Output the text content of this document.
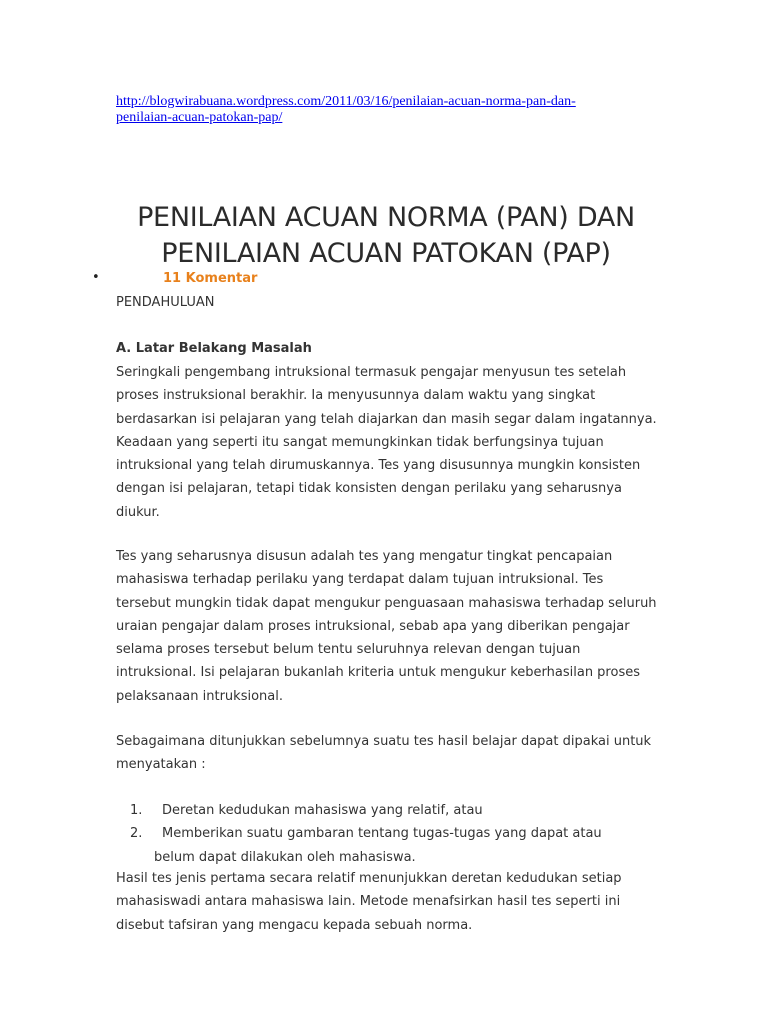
http://blogwirabuana.wordpress.com/2011/03/16/penilaian-acuan-norma-pan-dan-
penilaian-acuan-patokan-pap/
PENILAIAN ACUAN NORMA (PAN) DAN
PENILAIAN ACUAN PATOKAN (PAP)
•	11 Komentar
PENDAHULUAN
A. Latar Belakang Masalah

Seringkali pengembang intruksional termasuk pengajar menyusun tes setelah proses instruksional berakhir. Ia menyusunnya dalam waktu yang singkat berdasarkan isi pelajaran yang telah diajarkan dan masih segar dalam ingatannya. Keadaan yang seperti itu sangat memungkinkan tidak berfungsinya tujuan intruksional yang telah dirumuskannya. Tes yang disusunnya mungkin konsisten dengan isi pelajaran, tetapi tidak konsisten dengan perilaku yang seharusnya diukur.

Tes yang seharusnya disusun adalah tes yang mengatur tingkat pencapaian mahasiswa terhadap perilaku yang terdapat dalam tujuan intruksional. Tes tersebut mungkin tidak dapat mengukur penguasaan mahasiswa terhadap seluruh uraian pengajar dalam proses intruksional, sebab apa yang diberikan pengajar selama proses tersebut belum tentu seluruhnya relevan dengan tujuan intruksional. Isi pelajaran bukanlah kriteria untuk mengukur keberhasilan proses pelaksanaan intruksional.

Sebagaimana ditunjukkan sebelumnya suatu tes hasil belajar dapat dipakai untuk menyatakan :

1.	Deretan kedudukan mahasiswa yang relatif, atau
2.	Memberikan suatu gambaran tentang tugas-tugas yang dapat atau
belum dapat dilakukan oleh mahasiswa.

Hasil tes jenis pertama secara relatif menunjukkan deretan kedudukan setiap mahasiswadi antara mahasiswa lain. Metode menafsirkan hasil tes seperti ini disebut tafsiran yang mengacu kepada sebuah norma.
